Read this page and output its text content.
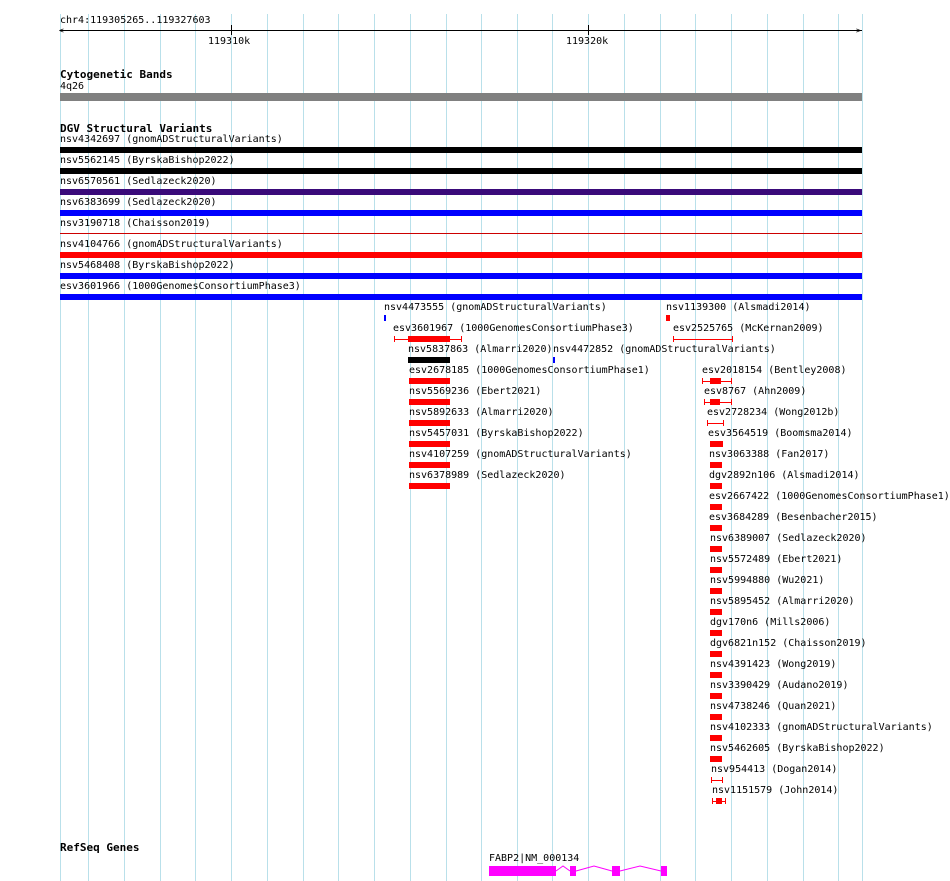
chr4:119305265..119327603
<	>
119310k	119320k
Cytogenetic Bands
4q26
DGV Structural Variants
nsv4342697 (gnomADStructuralVariants)
nsv5562145 (ByrskaBishop2022)
nsv6570561 (Sedlazeck2020)
nsv6383699 (Sedlazeck2020)
nsv3190718 (Chaisson2019)
nsv4104766 (gnomADStructuralVariants)
nsv5468408 (ByrskaBishop2022)
esv3601966 (1000GenomesConsortiumPhase3)
nsv4473555 (gnomADStructuralVariants)
esv3601967 (1000GenomesConsortiumPhase3)
nsv5837863 (Almarri2020) nsv4472852 (gnomADStructuralVariants)
esv2678185 (1000GenomesConsortiumPhase1)
nsv5569236 (Ebert2021)
nsv5892633 (Almarri2020)
nsv5457031 (ByrskaBishop2022)
nsv4107259 (gnomADStructuralVariants)
nsv6378989 (Sedlazeck2020)
nsv1139300 (Alsmadi2014)
esv2525765 (McKernan2009)
esv2018154 (Bentley2008)
esv8767 (Ahn2009)
esv2728234 (Wong2012b)
esv3564519 (Boomsma2014)
nsv3063388 (Fan2017)
dgv2892n106 (Alsmadi2014)
esv2667422 (1000GenomesConsortiumPhase1)
esv3684289 (Besenbacher2015)
nsv6389007 (Sedlazeck2020)
nsv5572489 (Ebert2021)
nsv5994880 (Wu2021)
nsv5895452 (Almarri2020)
dgv170n6 (Mills2006)
dgv6821n152 (Chaisson2019)
nsv4391423 (Wong2019)
nsv3390429 (Audano2019)
nsv4738246 (Quan2021)
nsv4102333 (gnomADStructuralVariants)
nsv5462605 (ByrskaBishop2022)
nsv954413 (Dogan2014)
nsv1151579 (John2014)
RefSeq Genes
FABP2|NM_000134
